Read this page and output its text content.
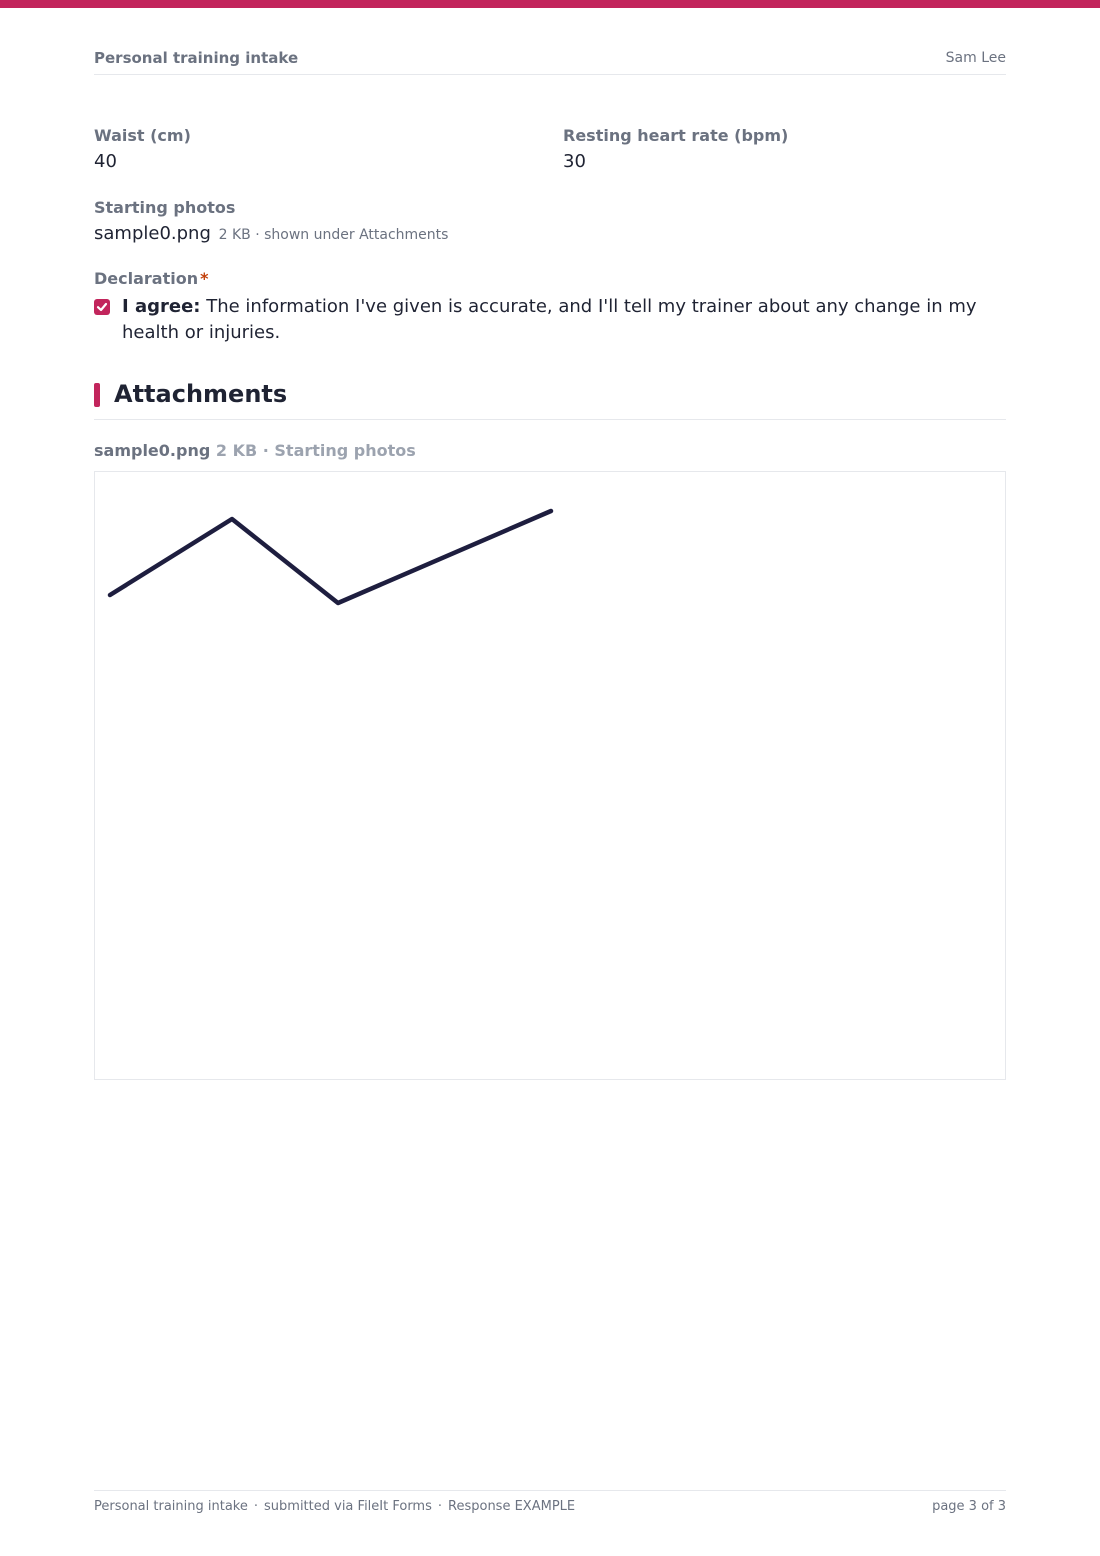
Personal training intake	Sam Lee
Waist (cm)
40
Resting heart rate (bpm)
30
Starting photos
sample0.png 2 KB · shown under Attachments
Declaration *
I agree: The information I've given is accurate, and I'll tell my trainer about any change in my health or injuries.
Attachments
sample0.png 2 KB · Starting photos
Personal training intake · submitted via FileIt Forms · Response EXAMPLE	page 3 of 3
